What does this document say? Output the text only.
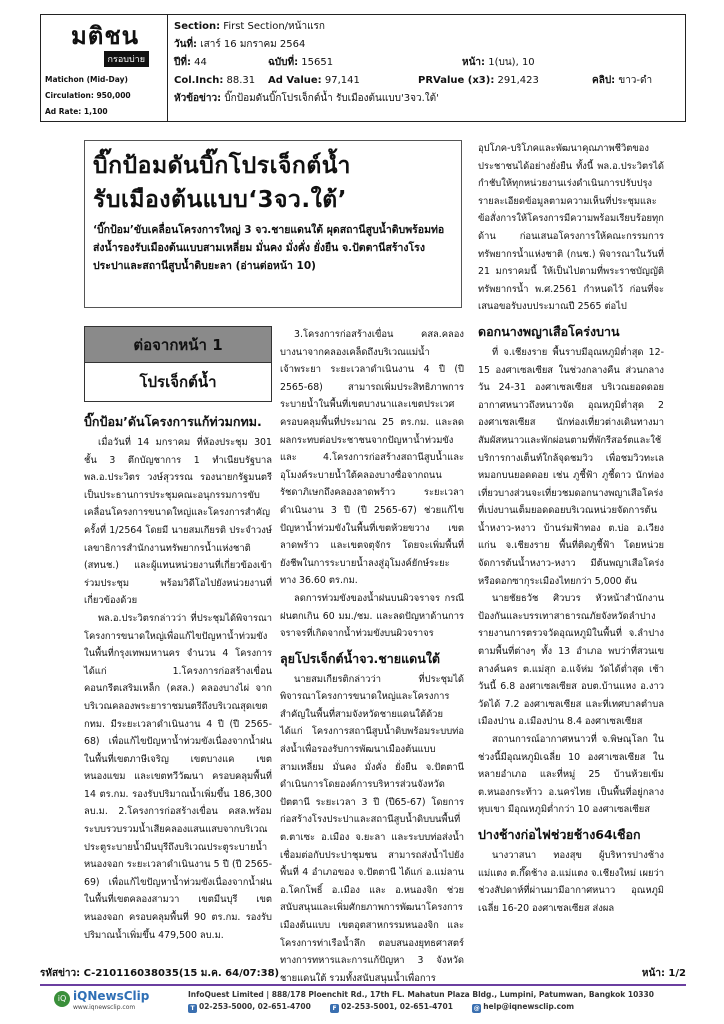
มติชน
กรอบบ่าย
Matichon (Mid-Day)
Circulation: 950,000
Ad Rate: 1,100
Section: First Section/หน้าแรก
วันที่: เสาร์ 16 มกราคม 2564
ปีที่: 44	ฉบับที่: 15651	หน้า: 1(บน), 10
Col.Inch: 88.31 Ad Value: 97,141	PRValue (x3): 291,423	คลิป: ขาว-ดำ
หัวข้อข่าว: บิ๊กป้อมดันบิ๊กโปรเจ็กต์น้ำ รับเมืองต้นแบบ'3จว.ใต้'
บิ๊กป้อมดันบิ๊กโปรเจ็กต์น้ำ
รับเมืองต้นแบบ‘3จว.ใต้’
‘บิ๊กป้อม’ขับเคลื่อนโครงการใหญ่ 3 จว.ชายแดนใต้ ผุดสถานีสูบน้ำดิบพร้อมท่อส่งน้ำรองรับเมืองต้นแบบสามเหลี่ยม มั่นคง มั่งคั่ง ยั่งยืน จ.ปัตตานีสร้างโรงประปาและสถานีสูบน้ำดิบยะลา (อ่านต่อหน้า 10)
ต่อจากหน้า 1
โปรเจ็กต์น้ำ
บิ๊กป้อม’ดันโครงการแก้ท่วมกทม.

เมื่อวันที่ 14 มกราคม ที่ห้องประชุม 301 ชั้น 3 ตึกบัญชาการ 1 ทำเนียบรัฐบาล พล.อ.ประวิตร วงษ์สุวรรณ รองนายกรัฐมนตรี เป็นประธานการประชุมคณะอนุกรรมการขับเคลื่อนโครงการขนาดใหญ่และโครงการสำคัญ ครั้งที่ 1/2564 โดยมี นายสมเกียรติ ประจำวงษ์ เลขาธิการสำนักงานทรัพยากรน้ำแห่งชาติ (สทนช.) และผู้แทนหน่วยงานที่เกี่ยวข้องเข้าร่วมประชุม พร้อมวิดีโอไปยังหน่วยงานที่เกี่ยวข้องด้วย

พล.อ.ประวิตรกล่าวว่า ที่ประชุมได้พิจารณาโครงการขนาดใหญ่เพื่อแก้ไขปัญหาน้ำท่วมขังในพื้นที่กรุงเทพมหานคร จำนวน 4 โครงการ ได้แก่ 1.โครงการก่อสร้างเขื่อนคอนกรีตเสริมเหล็ก (คสล.) คลองบางไผ่ จากบริเวณคลองพระยาราชมนตรีถึงบริเวณสุดเขต กทม. มีระยะเวลาดำเนินงาน 4 ปี (ปี 2565-68) เพื่อแก้ไขปัญหาน้ำท่วมขังเนื่องจากน้ำฝนในพื้นที่เขตภาษีเจริญ เขตบางแค เขตหนองแขม และเขตทวีวัฒนา ครอบคลุมพื้นที่ 14 ตร.กม. รองรับปริมาณน้ำเพิ่มขึ้น 186,300 ลบ.ม. 2.โครงการก่อสร้างเขื่อน คสล.พร้อมระบบรวบรวมน้ำเสียคลองแสนแสบจากบริเวณประตูระบายน้ำมีนบุรีถึงบริเวณประตูระบายน้ำหนองจอก ระยะเวลาดำเนินงาน 5 ปี (ปี 2565-69) เพื่อแก้ไขปัญหาน้ำท่วมขังเนื่องจากน้ำฝนในพื้นที่เขตคลองสามวา เขตมีนบุรี เขตหนองจอก ครอบคลุมพื้นที่ 90 ตร.กม. รองรับปริมาณน้ำเพิ่มขึ้น 479,500 ลบ.ม.

3.โครงการก่อสร้างเขื่อน คสล.คลองบางนาจากคลองเคล็ดถึงบริเวณแม่น้ำเจ้าพระยา ระยะเวลาดำเนินงาน 4 ปี (ปี 2565-68) สามารถเพิ่มประสิทธิภาพการระบายน้ำในพื้นที่เขตบางนาและเขตประเวศ ครอบคลุมพื้นที่ประมาณ 25 ตร.กม. และลดผลกระทบต่อประชาชนจากปัญหาน้ำท่วมขัง และ 4.โครงการก่อสร้างสถานีสูบน้ำและอุโมงค์ระบายน้ำใต้คลองบางซื่อจากถนนรัชดาภิเษกถึงคลองลาดพร้าว ระยะเวลาดำเนินงาน 3 ปี (ปี 2565-67) ช่วยแก้ไขปัญหาน้ำท่วมขังในพื้นที่เขตห้วยขวาง เขตลาดพร้าว และเขตจตุจักร โดยจะเพิ่มพื้นที่ยังชีพในการระบายน้ำลงสู่อุโมงค์ยักษ์ระยะทาง 36.60 ตร.กม.

ลดการท่วมขังของน้ำฝนบนผิวจราจร กรณีฝนตกเกิน 60 มม./ชม. และลดปัญหาด้านการจราจรที่เกิดจากน้ำท่วมขังบนผิวจราจร

ลุยโปรเจ็กต์น้ำจว.ชายแดนใต้

นายสมเกียรติกล่าวว่า ที่ประชุมได้พิจารณาโครงการขนาดใหญ่และโครงการสำคัญในพื้นที่สามจังหวัดชายแดนใต้ด้วย ได้แก่ โครงการสถานีสูบน้ำดิบพร้อมระบบท่อส่งน้ำเพื่อรองรับการพัฒนาเมืองต้นแบบสามเหลี่ยม มั่นคง มั่งคั่ง ยั่งยืน จ.ปัตตานี ดำเนินการโดยองค์การบริหารส่วนจังหวัดปัตตานี ระยะเวลา 3 ปี (ปี65-67) โดยการก่อสร้างโรงประปาและสถานีสูบน้ำดิบบนพื้นที่ ต.ตาเซะ อ.เมือง จ.ยะลา และระบบท่อส่งน้ำเชื่อมต่อกับประปาชุมชน สามารถส่งน้ำไปยังพื้นที่ 4 อำเภอของ จ.ปัตตานี ได้แก่ อ.แม่ลาน อ.โคกโพธิ์ อ.เมือง และ อ.หนองจิก ช่วยสนับสนุนและเพิ่มศักยภาพการพัฒนาโครงการเมืองต้นแบบ เขตอุตสาหกรรมหนองจิก และโครงการท่าเรือน้ำลึก ตอบสนองยุทธศาสตร์ทางการทหารและการแก้ปัญหา 3 จังหวัดชายแดนใต้ รวมทั้งสนับสนุนน้ำเพื่อการ

อุปโภค-บริโภคและพัฒนาคุณภาพชีวิตของประชาชนได้อย่างยั่งยืน ทั้งนี้ พล.อ.ประวิตรได้กำชับให้ทุกหน่วยงานเร่งดำเนินการปรับปรุงรายละเอียดข้อมูลตามความเห็นที่ประชุมและข้อสั่งการให้โครงการมีความพร้อมเรียบร้อยทุกด้าน ก่อนเสนอโครงการให้คณะกรรมการทรัพยากรน้ำแห่งชาติ (กนช.) พิจารณาในวันที่ 21 มกราคมนี้ ให้เป็นไปตามที่พระราชบัญญัติทรัพยากรน้ำ พ.ศ.2561 กำหนดไว้ ก่อนที่จะเสนอขอรับงบประมาณปี 2565 ต่อไป

ดอกนางพญาเสือโคร่งบาน

ที่ จ.เชียงราย พื้นราบมีอุณหภูมิต่ำสุด 12-15 องศาเซลเซียส ในช่วงกลางคืน ส่วนกลางวัน 24-31 องศาเซลเซียส บริเวณยอดดอยอากาศหนาวถึงหนาวจัด อุณหภูมิต่ำสุด 2 องศาเซลเซียส นักท่องเที่ยวต่างเดินทางมาสัมผัสหนาวและพักผ่อนตามที่พักรีสอร์ตและใช้บริการกางเต็นท์ใกล้จุดชมวิว เพื่อชมวิวทะเลหมอกบนยอดดอย เช่น ภูชี้ฟ้า ภูชี้ดาว นักท่องเที่ยวบางส่วนจะเที่ยวชมดอกนางพญาเสือโคร่งที่เบ่งบานเต็มยอดดอยบริเวณหน่วยจัดการต้นน้ำหงาว-หงาว บ้านร่มฟ้าทอง ต.บ่อ อ.เวียงแก่น จ.เชียงราย พื้นที่ติดภูชี้ฟ้า โดยหน่วยจัดการต้นน้ำหงาว-หงาว มีต้นพญาเสือโคร่ง หรือดอกซากุระเมืองไทยกว่า 5,000 ต้น

นายชัยธวัช ศิวบวร หัวหน้าสำนักงานป้องกันและบรรเทาสาธารณภัยจังหวัดลำปาง รายงานการตรวจวัดอุณหภูมิในพื้นที่ จ.ลำปาง ตามพื้นที่ต่างๆ ทั้ง 13 อำเภอ พบว่าที่สวนเขลางค์นคร ต.แม่สุก อ.แจ้ห่ม วัดได้ต่ำสุด เช้าวันนี้ 6.8 องศาเซลเซียส อบต.บ้านแหง อ.งาว วัดได้ 7.2 องศาเซลเซียส และที่เทศบาลตำบลเมืองปาน อ.เมืองปาน 8.4 องศาเซลเซียส

สถานการณ์อากาศหนาวที่ จ.พิษณุโลก ในช่วงนี้มีอุณหภูมิเฉลี่ย 10 องศาเซลเซียส ในหลายอำเภอ และที่หมู่ 25 บ้านห้วยเข้ม ต.หนองกระท้าว อ.นครไทย เป็นพื้นที่อยู่กลางหุบเขา มีอุณหภูมิต่ำกว่า 10 องศาเซลเซียส

ปางช้างก่อไฟช่วยช้าง64เชือก

นางวาสนา ทองสุข ผู้บริหารปางช้างแม่แตง ต.กึ๊ดช้าง อ.แม่แตง จ.เชียงใหม่ เผยว่า ช่วงสัปดาห์ที่ผ่านมามีอากาศหนาว อุณหภูมิเฉลี่ย 16-20 องศาเซลเซียส ส่งผล

รหัสข่าว: C-210116038035(15 ม.ค. 64/07:38)	หน้า: 1/2
iQ iQNewsClip
www.iqnewsclip.com
InfoQuest Limited | 888/178 Ploenchit Rd., 17th FL. Mahatun Plaza Bldg., Lumpini, Patumwan, Bangkok 10330
T 02-253-5000, 02-651-4700	F 02-253-5001, 02-651-4701	@ help@iqnewsclip.com
